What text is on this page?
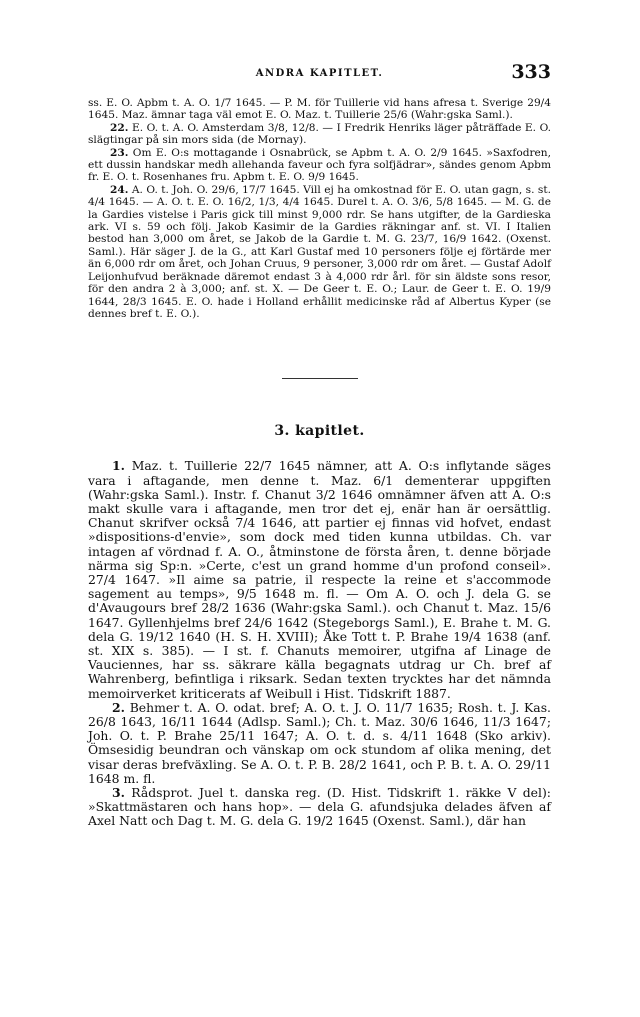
ANDRA KAPITLET.	333

ss. E. O. Apbm t. A. O. 1/7 1645. — P. M. för Tuillerie vid hans afresa t. Sverige 29/4 1645. Maz. ämnar taga väl emot E. O. Maz. t. Tuillerie 25/6 (Wahr:gska Saml.).

22. E. O. t. A. O. Amsterdam 3/8, 12/8. — I Fredrik Henriks läger påträffade E. O. slägtingar på sin mors sida (de Mornay).

23. Om E. O:s mottagande i Osnabrück, se Apbm t. A. O. 2/9 1645. »Saxfodren, ett dussin handskar medh allehanda faveur och fyra solfjädrar», sändes genom Apbm fr. E. O. t. Rosenhanes fru. Apbm t. E. O. 9/9 1645.

24. A. O. t. Joh. O. 29/6, 17/7 1645. Vill ej ha omkostnad för E. O. utan gagn, s. st. 4/4 1645. — A. O. t. E. O. 16/2, 1/3, 4/4 1645. Durel t. A. O. 3/6, 5/8 1645. — M. G. de la Gardies vistelse i Paris gick till minst 9,000 rdr. Se hans utgifter, de la Gardieska ark. VI s. 59 och följ. Jakob Kasimir de la Gardies räkningar anf. st. VI. I Italien bestod han 3,000 om året, se Jakob de la Gardie t. M. G. 23/7, 16/9 1642. (Oxenst. Saml.). Här säger J. de la G., att Karl Gustaf med 10 personers följe ej förtärde mer än 6,000 rdr om året, och Johan Cruus, 9 personer, 3,000 rdr om året. — Gustaf Adolf Leijonhufvud beräknade däremot endast 3 à 4,000 rdr årl. för sin äldste sons resor, för den andra 2 à 3,000; anf. st. X. — De Geer t. E. O.; Laur. de Geer t. E. O. 19/9 1644, 28/3 1645. E. O. hade i Holland erhållit medicinske råd af Albertus Kyper (se dennes bref t. E. O.).

3. kapitlet.

1. Maz. t. Tuillerie 22/7 1645 nämner, att A. O:s inflytande säges vara i aftagande, men denne t. Maz. 6/1 dementerar uppgiften (Wahr:gska Saml.). Instr. f. Chanut 3/2 1646 omnämner äfven att A. O:s makt skulle vara i aftagande, men tror det ej, enär han är oersättlig. Chanut skrifver också 7/4 1646, att partier ej finnas vid hofvet, endast »dispositions-d'envie», som dock med tiden kunna utbildas. Ch. var intagen af vördnad f. A. O., åtminstone de första åren, t. denne började närma sig Sp:n. »Certe, c'est un grand homme d'un profond conseil». 27/4 1647. »Il aime sa patrie, il respecte la reine et s'accommode sagement au temps», 9/5 1648 m. fl. — Om A. O. och J. dela G. se d'Avaugours bref 28/2 1636 (Wahr:gska Saml.). och Chanut t. Maz. 15/6 1647. Gyllenhjelms bref 24/6 1642 (Stegeborgs Saml.), E. Brahe t. M. G. dela G. 19/12 1640 (H. S. H. XVIII); Åke Tott t. P. Brahe 19/4 1638 (anf. st. XIX s. 385). — I st. f. Chanuts memoirer, utgifna af Linage de Vauciennes, har ss. säkrare källa begagnats utdrag ur Ch. bref af Wahrenberg, befintliga i riksark. Sedan texten trycktes har det nämnda memoirverket kriticerats af Weibull i Hist. Tidskrift 1887.

2. Behmer t. A. O. odat. bref; A. O. t. J. O. 11/7 1635; Rosh. t. J. Kas. 26/8 1643, 16/11 1644 (Adlsp. Saml.); Ch. t. Maz. 30/6 1646, 11/3 1647; Joh. O. t. P. Brahe 25/11 1647; A. O. t. d. s. 4/11 1648 (Sko arkiv). Ömsesidig beundran och vänskap om ock stundom af olika mening, det visar deras brefväxling. Se A. O. t. P. B. 28/2 1641, och P. B. t. A. O. 29/11 1648 m. fl.

3. Rådsprot. Juel t. danska reg. (D. Hist. Tidskrift 1. räkke V del): »Skattmästaren och hans hop». — dela G. afundsjuka delades äfven af Axel Natt och Dag t. M. G. dela G. 19/2 1645 (Oxenst. Saml.), där han
